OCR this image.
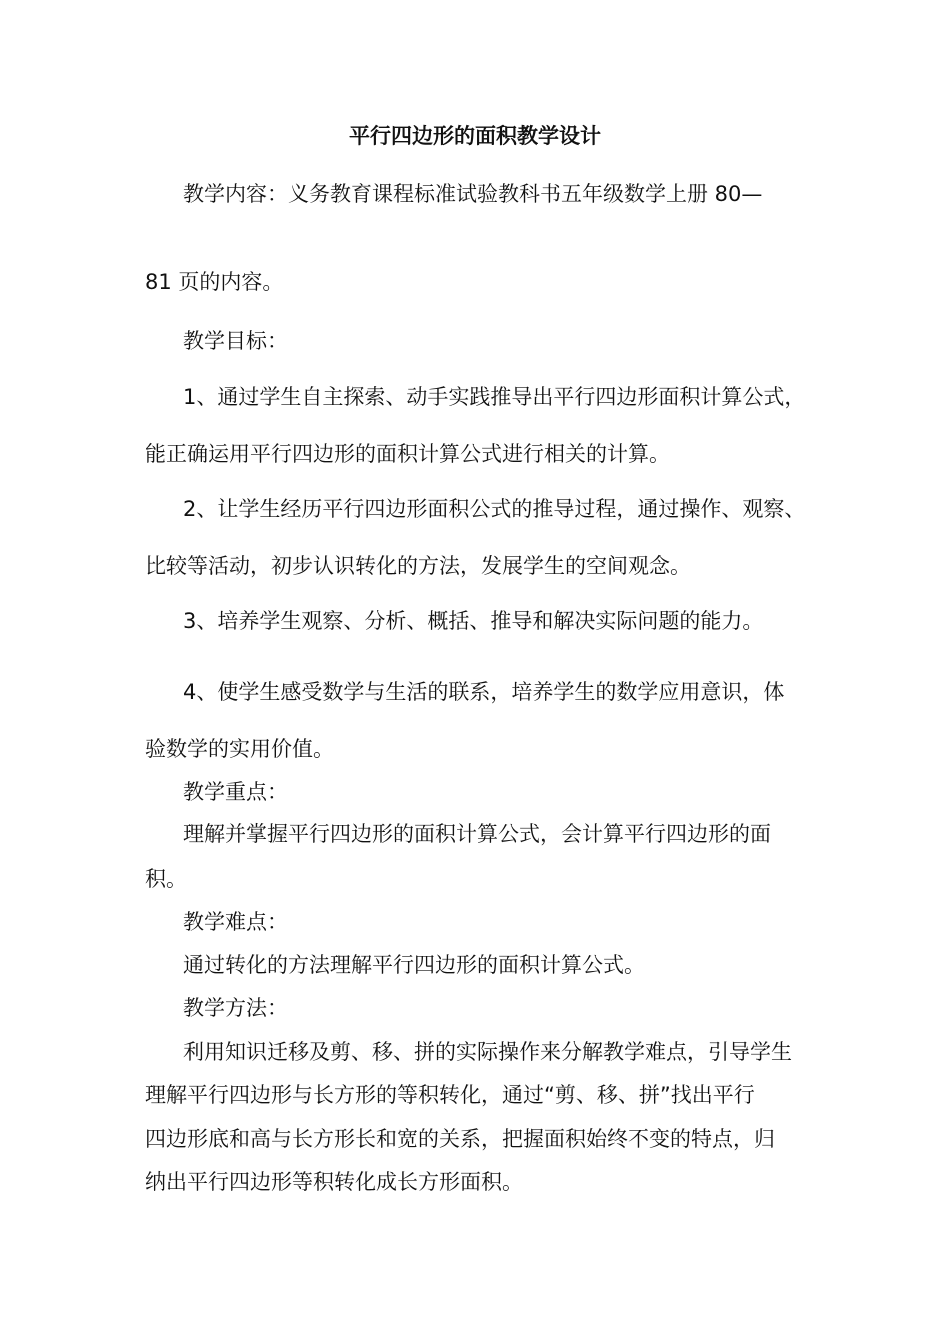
平行四边形的面积教学设计
教学内容：义务教育课程标准试验教科书五年级数学上册 80—
81 页的内容。
教学目标：
1、通过学生自主探索、动手实践推导出平行四边形面积计算公式，
能正确运用平行四边形的面积计算公式进行相关的计算。
2、让学生经历平行四边形面积公式的推导过程，通过操作、观察、
比较等活动，初步认识转化的方法，发展学生的空间观念。
3、培养学生观察、分析、概括、推导和解决实际问题的能力。
4、使学生感受数学与生活的联系，培养学生的数学应用意识，体
验数学的实用价值。
教学重点：
理解并掌握平行四边形的面积计算公式，会计算平行四边形的面
积。
教学难点：
通过转化的方法理解平行四边形的面积计算公式。
教学方法：
利用知识迁移及剪、移、拼的实际操作来分解教学难点，引导学生
理解平行四边形与长方形的等积转化，通过“剪、移、拼”找出平行
四边形底和高与长方形长和宽的关系，把握面积始终不变的特点，归
纳出平行四边形等积转化成长方形面积。
